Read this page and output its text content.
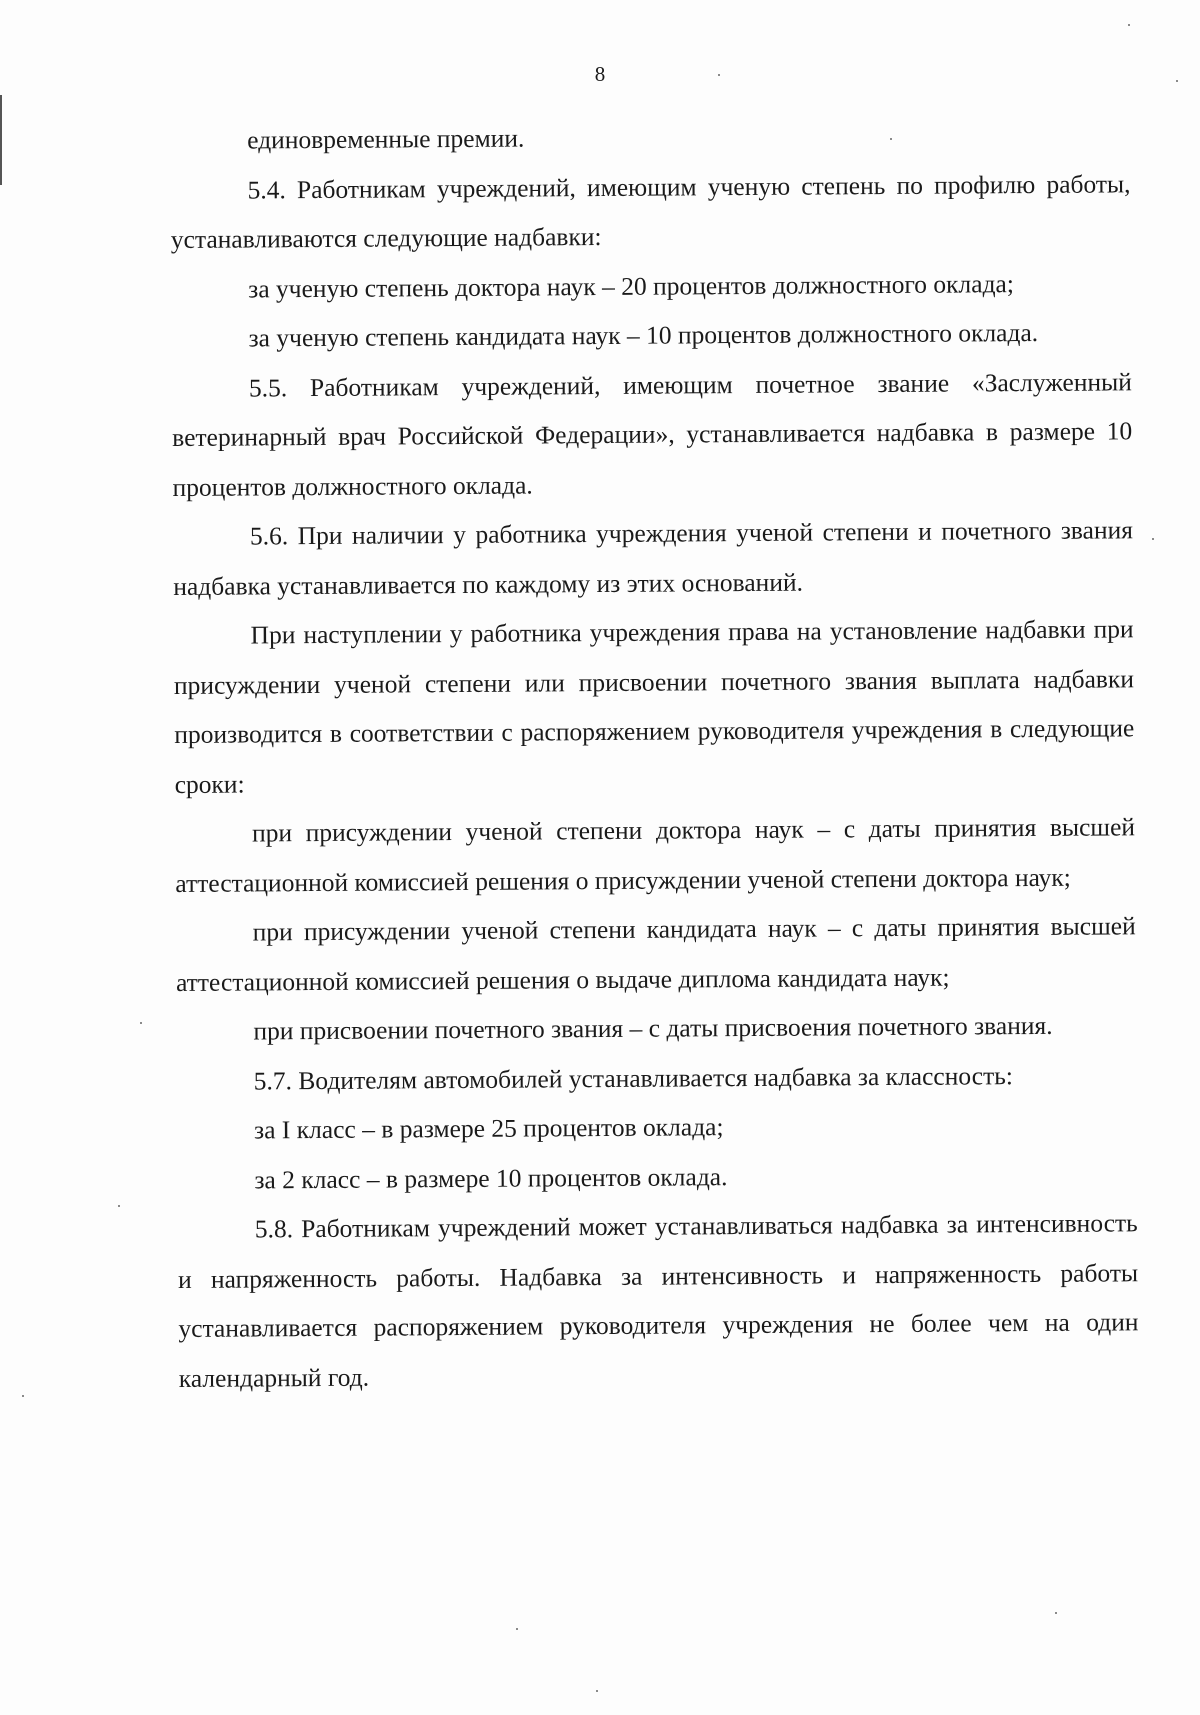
8

единовременные премии.

5.4. Работникам учреждений, имеющим ученую степень по профилю работы, устанавливаются следующие надбавки:

за ученую степень доктора наук – 20 процентов должностного оклада;

за ученую степень кандидата наук – 10 процентов должностного оклада.

5.5. Работникам учреждений, имеющим почетное звание «Заслуженный ветеринарный врач Российской Федерации», устанавливается надбавка в размере 10 процентов должностного оклада.

5.6. При наличии у работника учреждения ученой степени и почетного звания надбавка устанавливается по каждому из этих оснований.

При наступлении у работника учреждения права на установление надбавки при присуждении ученой степени или присвоении почетного звания выплата надбавки производится в соответствии с распоряжением руководителя учреждения в следующие сроки:

при присуждении ученой степени доктора наук – с даты принятия высшей аттестационной комиссией решения о присуждении ученой степени доктора наук;

при присуждении ученой степени кандидата наук – с даты принятия высшей аттестационной комиссией решения о выдаче диплома кандидата наук;

при присвоении почетного звания – с даты присвоения почетного звания.

5.7. Водителям автомобилей устанавливается надбавка за классность:

за I класс – в размере 25 процентов оклада;

за 2 класс – в размере 10 процентов оклада.

5.8. Работникам учреждений может устанавливаться надбавка за интенсивность и напряженность работы. Надбавка за интенсивность и напряженность работы устанавливается распоряжением руководителя учреждения не более чем на один календарный год.
